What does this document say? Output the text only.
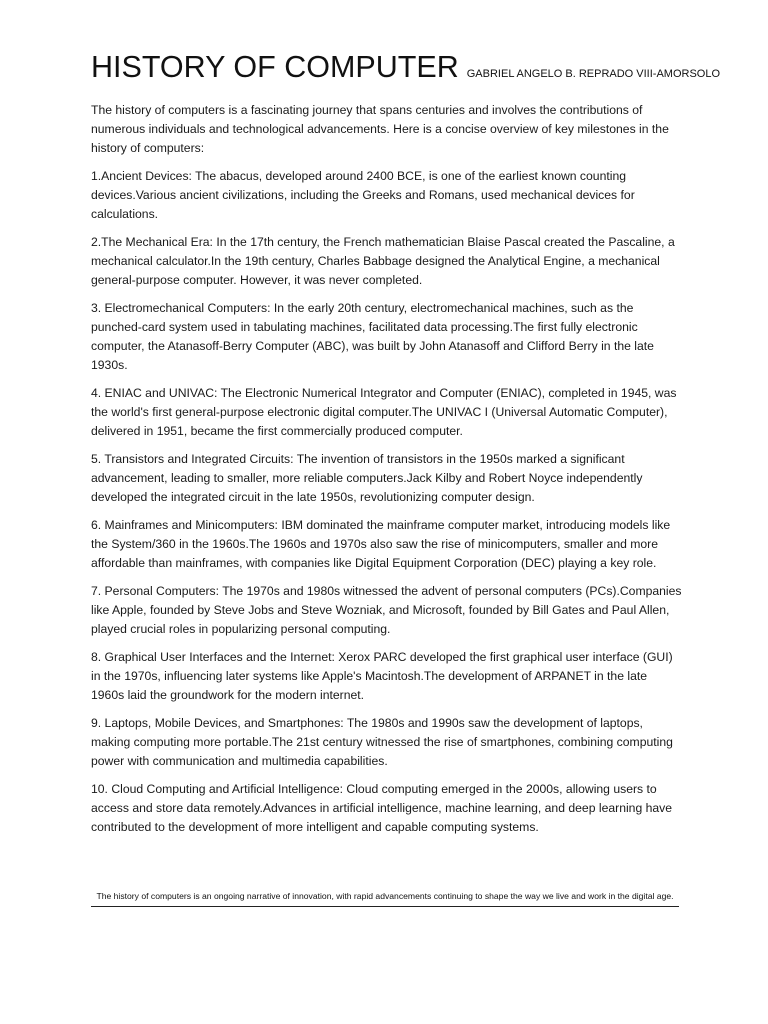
HISTORY OF COMPUTER GABRIEL ANGELO B. REPRADO VIII-AMORSOLO

The history of computers is a fascinating journey that spans centuries and involves the contributions of numerous individuals and technological advancements. Here is a concise overview of key milestones in the history of computers:

1.Ancient Devices: The abacus, developed around 2400 BCE, is one of the earliest known counting devices.Various ancient civilizations, including the Greeks and Romans, used mechanical devices for calculations.

2.The Mechanical Era: In the 17th century, the French mathematician Blaise Pascal created the Pascaline, a mechanical calculator.In the 19th century, Charles Babbage designed the Analytical Engine, a mechanical general-purpose computer. However, it was never completed.

3. Electromechanical Computers: In the early 20th century, electromechanical machines, such as the punched-card system used in tabulating machines, facilitated data processing.The first fully electronic computer, the Atanasoff-Berry Computer (ABC), was built by John Atanasoff and Clifford Berry in the late 1930s.

4. ENIAC and UNIVAC: The Electronic Numerical Integrator and Computer (ENIAC), completed in 1945, was the world's first general-purpose electronic digital computer.The UNIVAC I (Universal Automatic Computer), delivered in 1951, became the first commercially produced computer.

5. Transistors and Integrated Circuits: The invention of transistors in the 1950s marked a significant advancement, leading to smaller, more reliable computers.Jack Kilby and Robert Noyce independently developed the integrated circuit in the late 1950s, revolutionizing computer design.

6. Mainframes and Minicomputers: IBM dominated the mainframe computer market, introducing models like the System/360 in the 1960s.The 1960s and 1970s also saw the rise of minicomputers, smaller and more affordable than mainframes, with companies like Digital Equipment Corporation (DEC) playing a key role.

7. Personal Computers: The 1970s and 1980s witnessed the advent of personal computers (PCs).Companies like Apple, founded by Steve Jobs and Steve Wozniak, and Microsoft, founded by Bill Gates and Paul Allen, played crucial roles in popularizing personal computing.

8. Graphical User Interfaces and the Internet: Xerox PARC developed the first graphical user interface (GUI) in the 1970s, influencing later systems like Apple's Macintosh.The development of ARPANET in the late 1960s laid the groundwork for the modern internet.

9. Laptops, Mobile Devices, and Smartphones: The 1980s and 1990s saw the development of laptops, making computing more portable.The 21st century witnessed the rise of smartphones, combining computing power with communication and multimedia capabilities.

10. Cloud Computing and Artificial Intelligence: Cloud computing emerged in the 2000s, allowing users to access and store data remotely.Advances in artificial intelligence, machine learning, and deep learning have contributed to the development of more intelligent and capable computing systems.

The history of computers is an ongoing narrative of innovation, with rapid advancements continuing to shape the way we live and work in the digital age.
